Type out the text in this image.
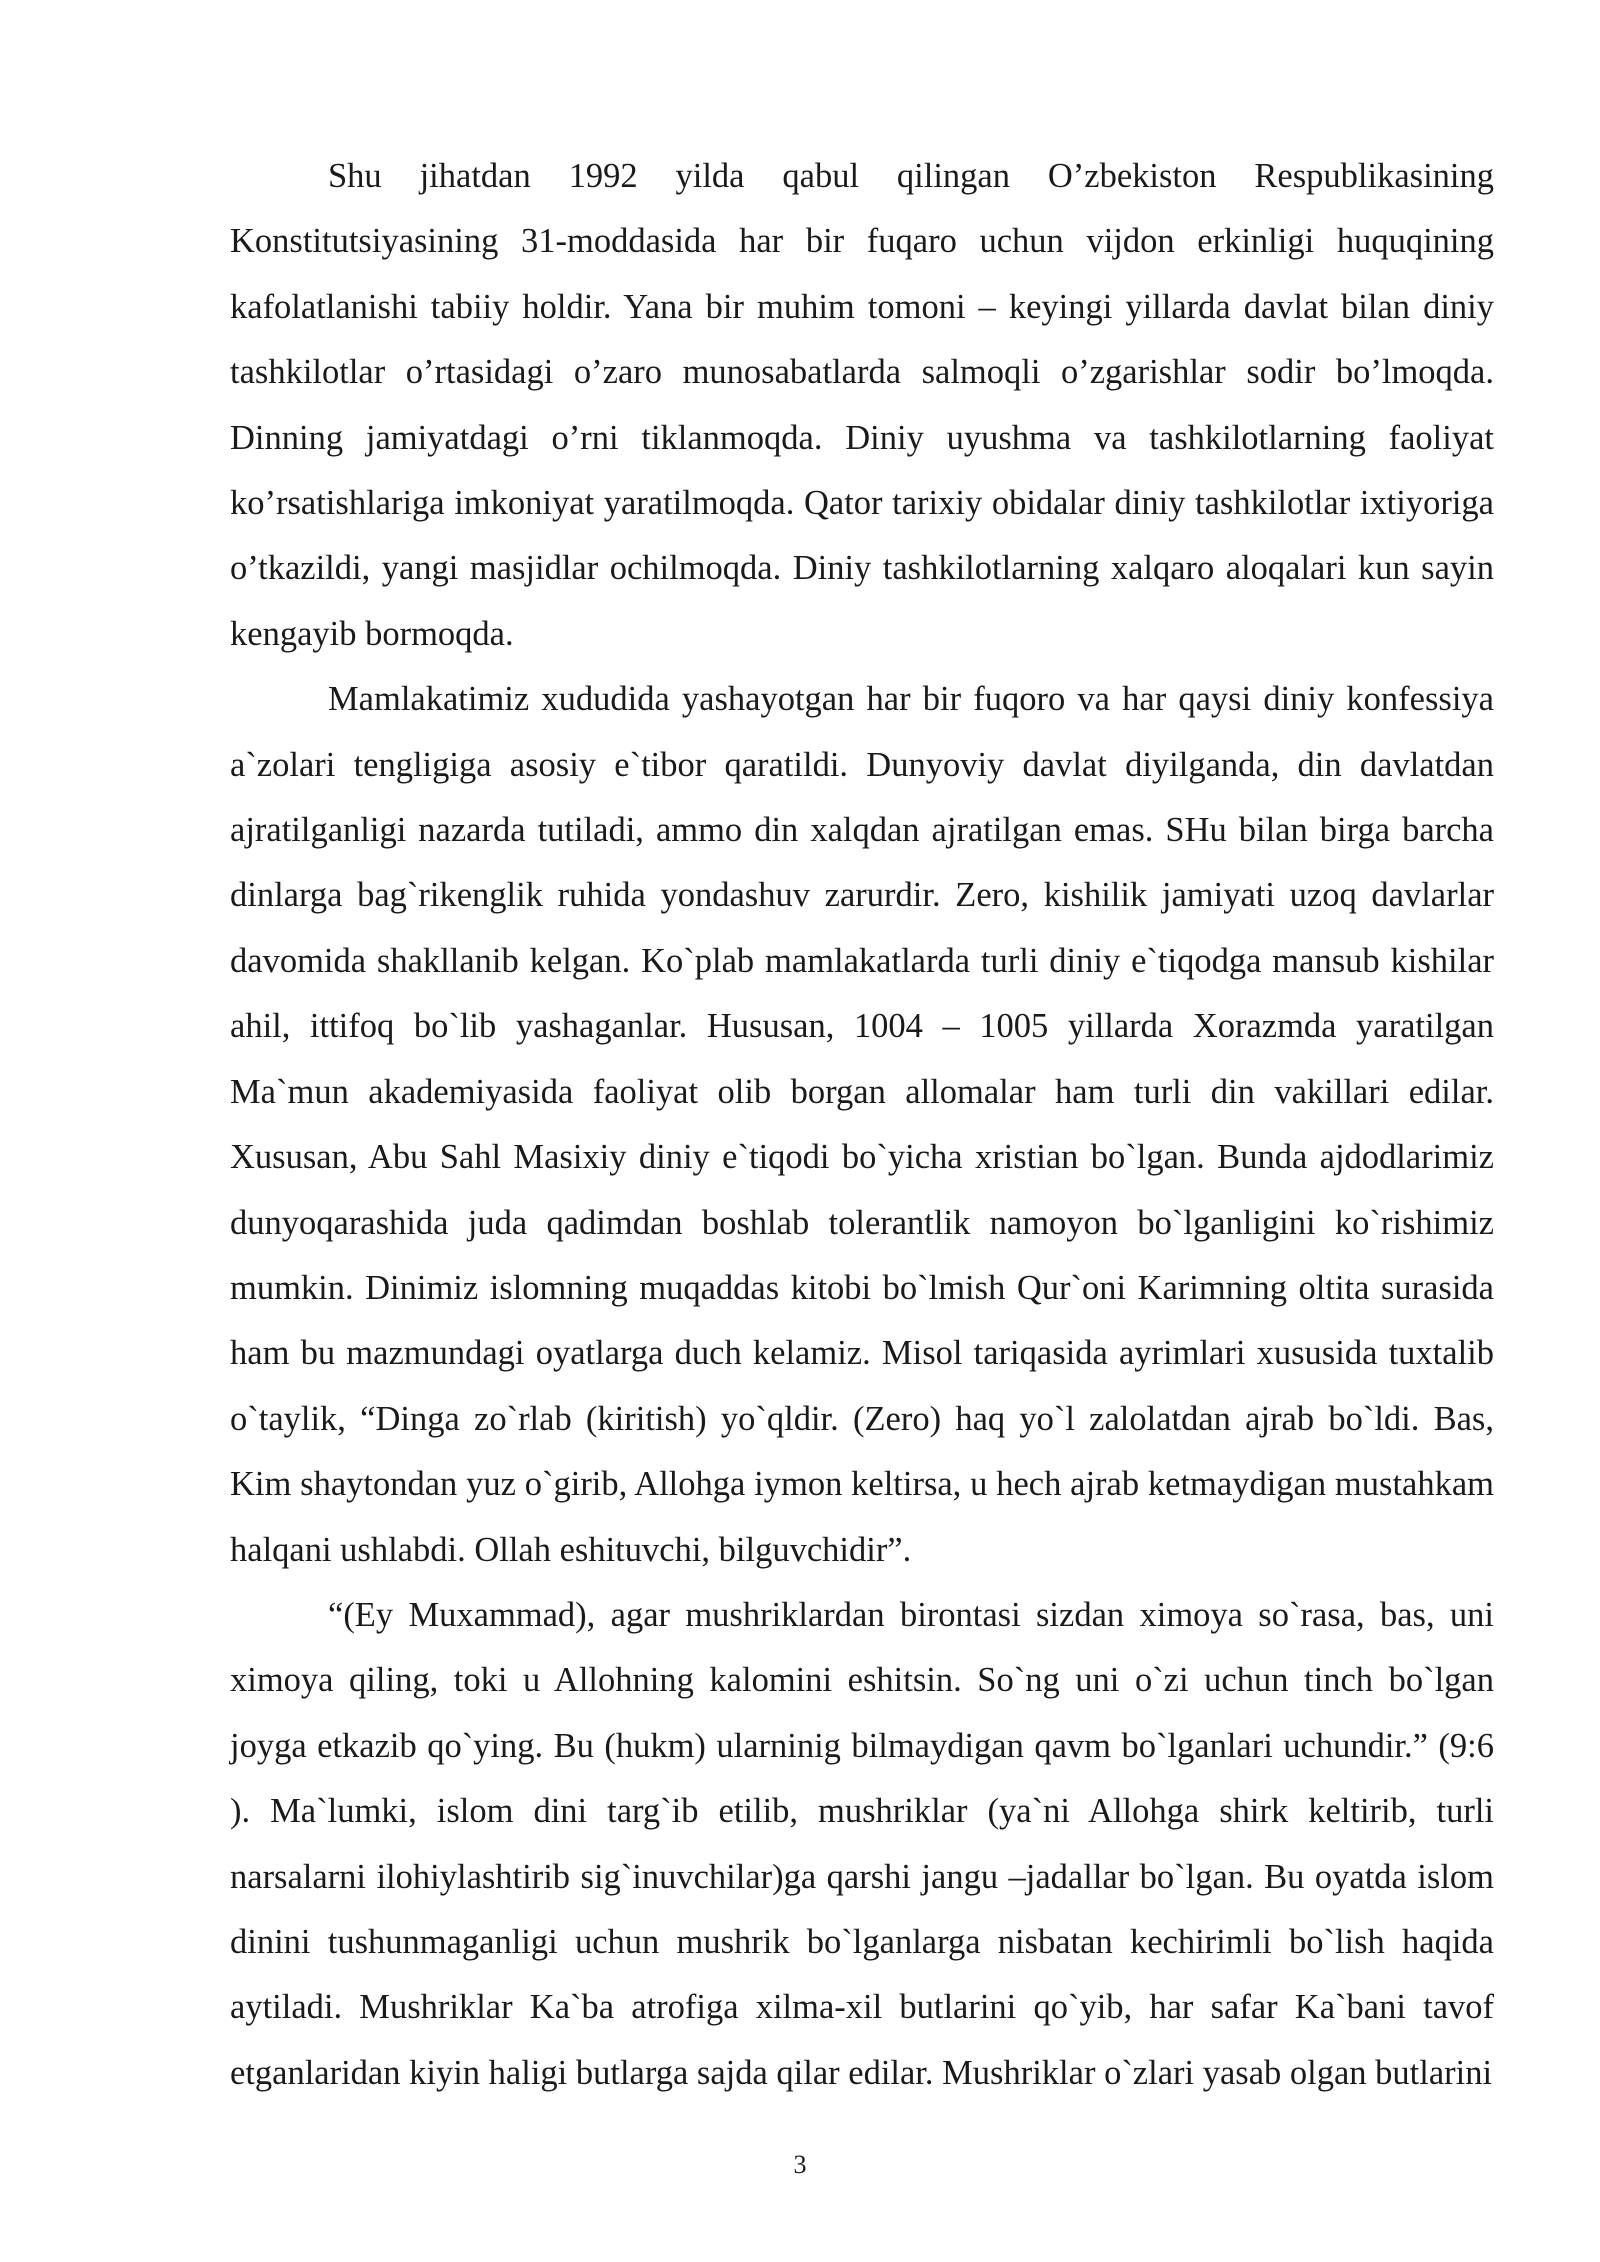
Shu jihatdan 1992 yilda qabul qilingan O’zbekiston Respublikasining Konstitutsiyasining 31-moddasida har bir fuqaro uchun vijdon erkinligi huquqining kafolatlanishi tabiiy holdir. Yana bir muhim tomoni – keyingi yillarda davlat bilan diniy tashkilotlar o’rtasidagi o’zaro munosabatlarda salmoqli o’zgarishlar sodir bo’lmoqda. Dinning jamiyatdagi o’rni tiklanmoqda. Diniy uyushma va tashkilotlarning faoliyat ko’rsatishlariga imkoniyat yaratilmoqda. Qator tarixiy obidalar diniy tashkilotlar ixtiyoriga o’tkazildi, yangi masjidlar ochilmoqda. Diniy tashkilotlarning xalqaro aloqalari kun sayin kengayib bormoqda.

Mamlakatimiz xududida yashayotgan har bir fuqoro va har qaysi diniy konfessiya a`zolari tengligiga asosiy e`tibor qaratildi. Dunyoviy davlat diyilganda, din davlatdan ajratilganligi nazarda tutiladi, ammo din xalqdan ajratilgan emas. SHu bilan birga barcha dinlarga bag`rikenglik ruhida yondashuv zarurdir. Zero, kishilik jamiyati uzoq davlarlar davomida shakllanib kelgan. Ko`plab mamlakatlarda turli diniy e`tiqodga mansub kishilar ahil, ittifoq bo`lib yashaganlar. Hususan, 1004 – 1005 yillarda Xorazmda yaratilgan Ma`mun akademiyasida faoliyat olib borgan allomalar ham turli din vakillari edilar. Xususan, Abu Sahl Masixiy diniy e`tiqodi bo`yicha xristian bo`lgan. Bunda ajdodlarimiz dunyoqarashida juda qadimdan boshlab tolerantlik namoyon bo`lganligini ko`rishimiz mumkin. Dinimiz islomning muqaddas kitobi bo`lmish Qur`oni Karimning oltita surasida ham bu mazmundagi oyatlarga duch kelamiz. Misol tariqasida ayrimlari xususida tuxtalib o`taylik, “Dinga zo`rlab (kiritish) yo`qldir. (Zero) haq yo`l zalolatdan ajrab bo`ldi. Bas, Kim shaytondan yuz o`girib, Allohga iymon keltirsa, u hech ajrab ketmaydigan mustahkam halqani ushlabdi. Ollah eshituvchi, bilguvchidir”.

“(Ey Muxammad), agar mushriklardan birontasi sizdan ximoya so`rasa, bas, uni ximoya qiling, toki u Allohning kalomini eshitsin. So`ng uni o`zi uchun tinch bo`lgan joyga etkazib qo`ying. Bu (hukm) ularninig bilmaydigan qavm bo`lganlari uchundir.” (9:6 ). Ma`lumki, islom dini targ`ib etilib, mushriklar (ya`ni Allohga shirk keltirib, turli narsalarni ilohiylashtirib sig`inuvchilar)ga qarshi jangu –jadallar bo`lgan. Bu oyatda islom dinini tushunmaganligi uchun mushrik bo`lganlarga nisbatan kechirimli bo`lish haqida aytiladi. Mushriklar Ka`ba atrofiga xilma-xil butlarini qo`yib, har safar Ka`bani tavof etganlaridan kiyin haligi butlarga sajda qilar edilar. Mushriklar o`zlari yasab olgan butlarini

3
